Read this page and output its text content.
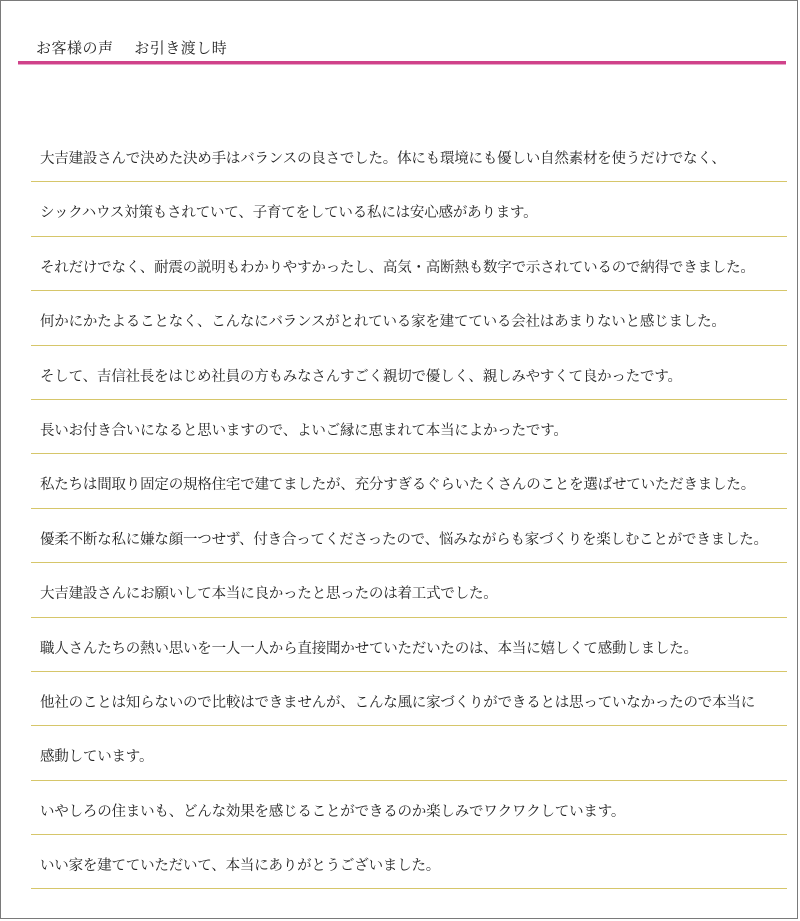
お客様の声　 お引き渡し時
大吉建設さんで決めた決め手はバランスの良さでした。体にも環境にも優しい自然素材を使うだけでなく、
シックハウス対策もされていて、子育てをしている私には安心感があります。
それだけでなく、耐震の説明もわかりやすかったし、高気・高断熱も数字で示されているので納得できました。
何かにかたよることなく、こんなにバランスがとれている家を建てている会社はあまりないと感じました。
そして、吉信社長をはじめ社員の方もみなさんすごく親切で優しく、親しみやすくて良かったです。
長いお付き合いになると思いますので、よいご縁に恵まれて本当によかったです。
私たちは間取り固定の規格住宅で建てましたが、充分すぎるぐらいたくさんのことを選ばせていただきました。
優柔不断な私に嫌な顔一つせず、付き合ってくださったので、悩みながらも家づくりを楽しむことができました。
大吉建設さんにお願いして本当に良かったと思ったのは着工式でした。
職人さんたちの熱い思いを一人一人から直接聞かせていただいたのは、本当に嬉しくて感動しました。
他社のことは知らないので比較はできませんが、こんな風に家づくりができるとは思っていなかったので本当に
感動しています。
いやしろの住まいも、どんな効果を感じることができるのか楽しみでワクワクしています。
いい家を建てていただいて、本当にありがとうございました。
